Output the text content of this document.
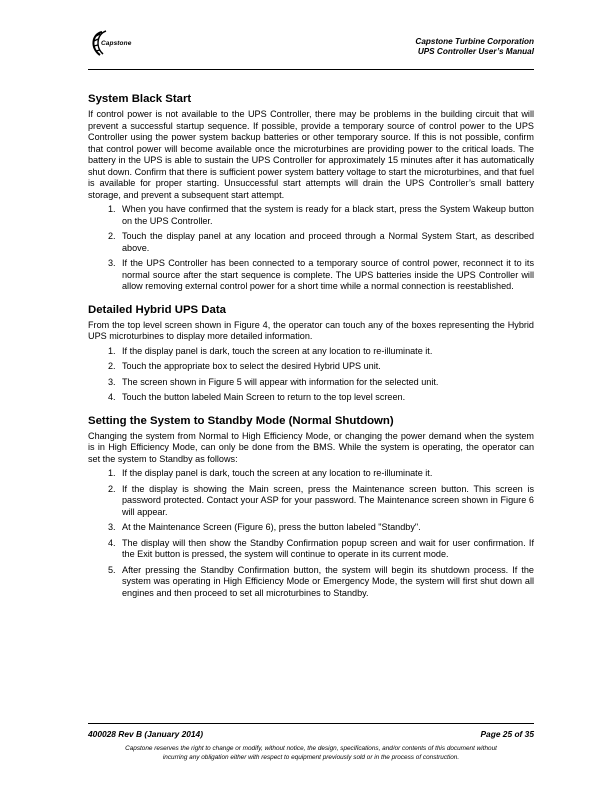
Capstone	Capstone Turbine Corporation
UPS Controller User’s Manual
System Black Start

If control power is not available to the UPS Controller, there may be problems in the building circuit that will prevent a successful startup sequence. If possible, provide a temporary source of control power to the UPS Controller using the power system backup batteries or other temporary source. If this is not possible, confirm that control power will become available once the microturbines are providing power to the critical loads. The battery in the UPS is able to sustain the UPS Controller for approximately 15 minutes after it has automatically shut down. Confirm that there is sufficient power system battery voltage to start the microturbines, and that fuel is available for proper starting. Unsuccessful start attempts will drain the UPS Controller’s small battery storage, and prevent a subsequent start attempt.

1. When you have confirmed that the system is ready for a black start, press the System Wakeup button on the UPS Controller.
2. Touch the display panel at any location and proceed through a Normal System Start, as described above.
3. If the UPS Controller has been connected to a temporary source of control power, reconnect it to its normal source after the start sequence is complete. The UPS batteries inside the UPS Controller will allow removing external control power for a short time while a normal connection is reestablished.
Detailed Hybrid UPS Data

From the top level screen shown in Figure 4, the operator can touch any of the boxes representing the Hybrid UPS microturbines to display more detailed information.

1. If the display panel is dark, touch the screen at any location to re-illuminate it.
2. Touch the appropriate box to select the desired Hybrid UPS unit.
3. The screen shown in Figure 5 will appear with information for the selected unit.
4. Touch the button labeled Main Screen to return to the top level screen.
Setting the System to Standby Mode (Normal Shutdown)

Changing the system from Normal to High Efficiency Mode, or changing the power demand when the system is in High Efficiency Mode, can only be done from the BMS. While the system is operating, the operator can set the system to Standby as follows:

1. If the display panel is dark, touch the screen at any location to re-illuminate it.
2. If the display is showing the Main screen, press the Maintenance screen button. This screen is password protected. Contact your ASP for your password. The Maintenance screen shown in Figure 6 will appear.
3. At the Maintenance Screen (Figure 6), press the button labeled "Standby".
4. The display will then show the Standby Confirmation popup screen and wait for user confirmation. If the Exit button is pressed, the system will continue to operate in its current mode.
5. After pressing the Standby Confirmation button, the system will begin its shutdown process. If the system was operating in High Efficiency Mode or Emergency Mode, the system will first shut down all engines and then proceed to set all microturbines to Standby.
400028 Rev B (January 2014)	Page 25 of 35
Capstone reserves the right to change or modify, without notice, the design, specifications, and/or contents of this document without
incurring any obligation either with respect to equipment previously sold or in the process of construction.
